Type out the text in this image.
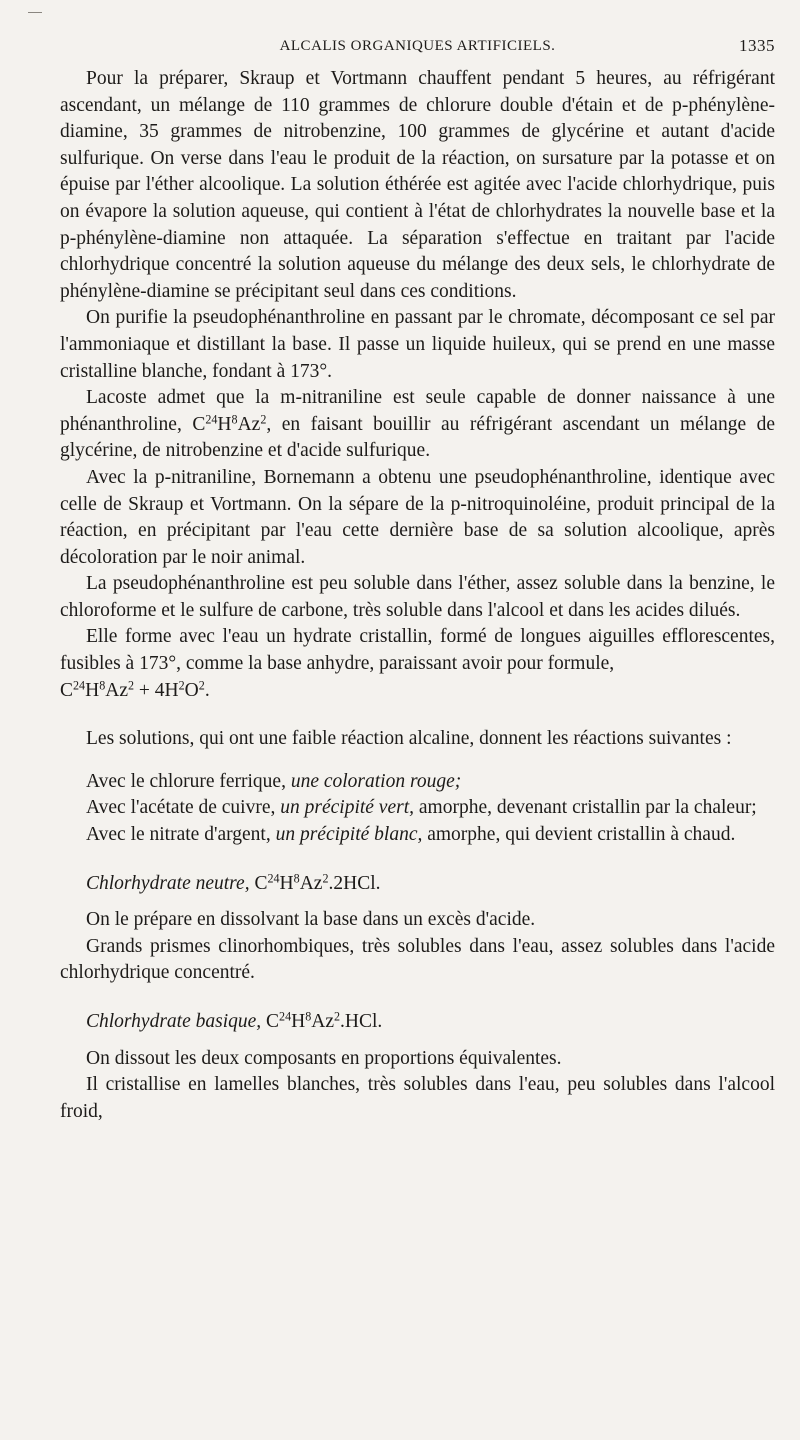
ALCALIS ORGANIQUES ARTIFICIELS.	1335

Pour la préparer, Skraup et Vortmann chauffent pendant 5 heures, au réfrigérant ascendant, un mélange de 110 grammes de chlorure double d'étain et de p-phénylène-diamine, 35 grammes de nitrobenzine, 100 grammes de glycérine et autant d'acide sulfurique. On verse dans l'eau le produit de la réaction, on sursature par la potasse et on épuise par l'éther alcoolique. La solution éthérée est agitée avec l'acide chlorhydrique, puis on évapore la solution aqueuse, qui contient à l'état de chlorhydrates la nouvelle base et la p-phénylène-diamine non attaquée. La séparation s'effectue en traitant par l'acide chlorhydrique concentré la solution aqueuse du mélange des deux sels, le chlorhydrate de phénylène-diamine se précipitant seul dans ces conditions.

On purifie la pseudophénanthroline en passant par le chromate, décomposant ce sel par l'ammoniaque et distillant la base. Il passe un liquide huileux, qui se prend en une masse cristalline blanche, fondant à 173°.

Lacoste admet que la m-nitraniline est seule capable de donner naissance à une phénanthroline, $C^{24}H^8Az^2$, en faisant bouillir au réfrigérant ascendant un mélange de glycérine, de nitrobenzine et d'acide sulfurique.

Avec la p-nitraniline, Bornemann a obtenu une pseudophénanthroline, identique avec celle de Skraup et Vortmann. On la sépare de la p-nitroquinoléine, produit principal de la réaction, en précipitant par l'eau cette dernière base de sa solution alcoolique, après décoloration par le noir animal.

La pseudophénanthroline est peu soluble dans l'éther, assez soluble dans la benzine, le chloroforme et le sulfure de carbone, très soluble dans l'alcool et dans les acides dilués.

Elle forme avec l'eau un hydrate cristallin, formé de longues aiguilles efflorescentes, fusibles à 173°, comme la base anhydre, paraissant avoir pour formule,

$C^{24}H^8Az^2 + 4H^2O^2$.

Les solutions, qui ont une faible réaction alcaline, donnent les réactions suivantes :

Avec le chlorure ferrique, une coloration rouge;

Avec l'acétate de cuivre, un précipité vert, amorphe, devenant cristallin par la chaleur;

Avec le nitrate d'argent, un précipité blanc, amorphe, qui devient cristallin à chaud.

Chlorhydrate neutre, $C^{24}H^8Az^2.2HCl$.

On le prépare en dissolvant la base dans un excès d'acide.

Grands prismes clinorhombiques, très solubles dans l'eau, assez solubles dans l'acide chlorhydrique concentré.

Chlorhydrate basique, $C^{24}H^8Az^2.HCl$.

On dissout les deux composants en proportions équivalentes.

Il cristallise en lamelles blanches, très solubles dans l'eau, peu solubles dans l'alcool froid,
